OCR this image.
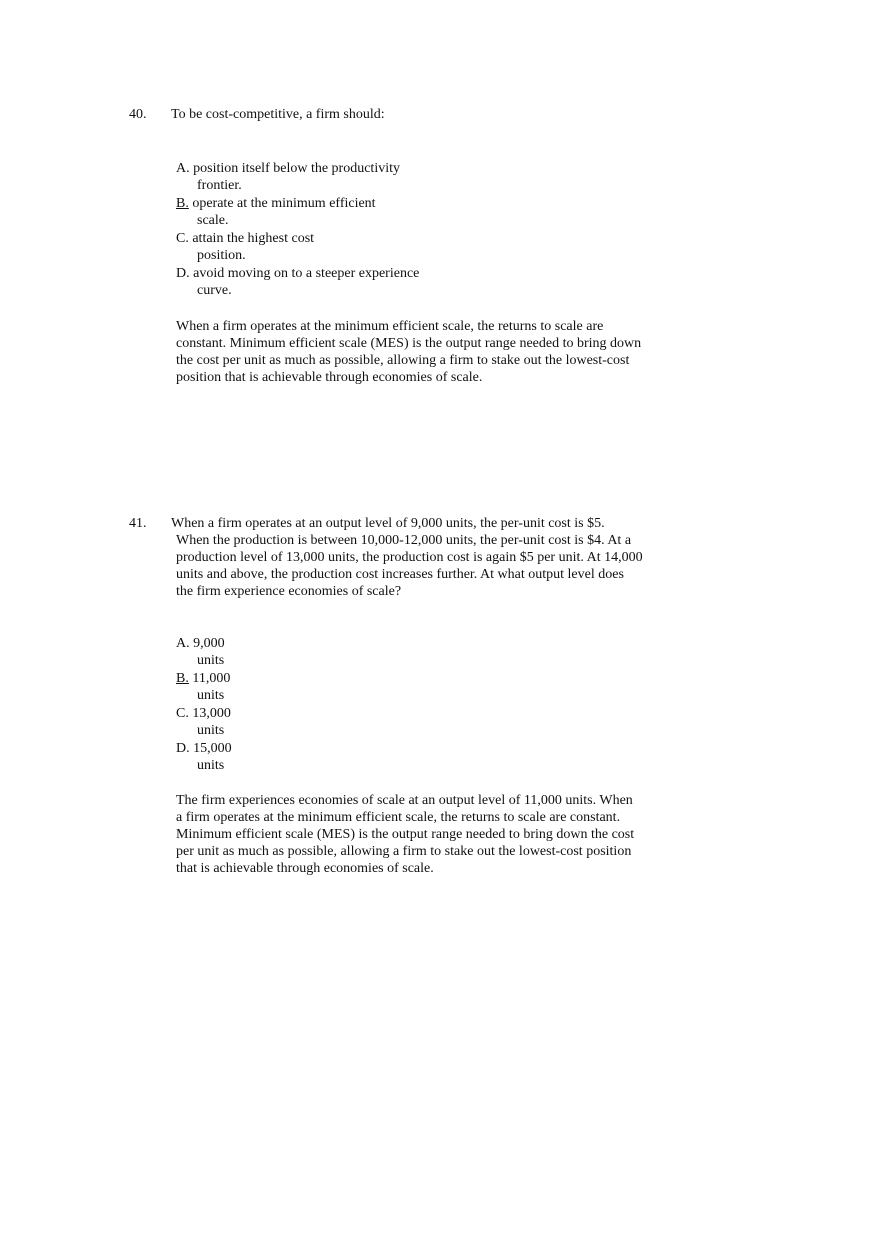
40. To be cost-competitive, a firm should:
A. position itself below the productivity
frontier.
B. operate at the minimum efficient
scale.
C. attain the highest cost
position.
D. avoid moving on to a steeper experience
curve.
When a firm operates at the minimum efficient scale, the returns to scale are
constant. Minimum efficient scale (MES) is the output range needed to bring down
the cost per unit as much as possible, allowing a firm to stake out the lowest-cost
position that is achievable through economies of scale.
41. When a firm operates at an output level of 9,000 units, the per-unit cost is $5.
When the production is between 10,000-12,000 units, the per-unit cost is $4. At a
production level of 13,000 units, the production cost is again $5 per unit. At 14,000
units and above, the production cost increases further. At what output level does
the firm experience economies of scale?
A. 9,000
units
B. 11,000
units
C. 13,000
units
D. 15,000
units
The firm experiences economies of scale at an output level of 11,000 units. When
a firm operates at the minimum efficient scale, the returns to scale are constant.
Minimum efficient scale (MES) is the output range needed to bring down the cost
per unit as much as possible, allowing a firm to stake out the lowest-cost position
that is achievable through economies of scale.
